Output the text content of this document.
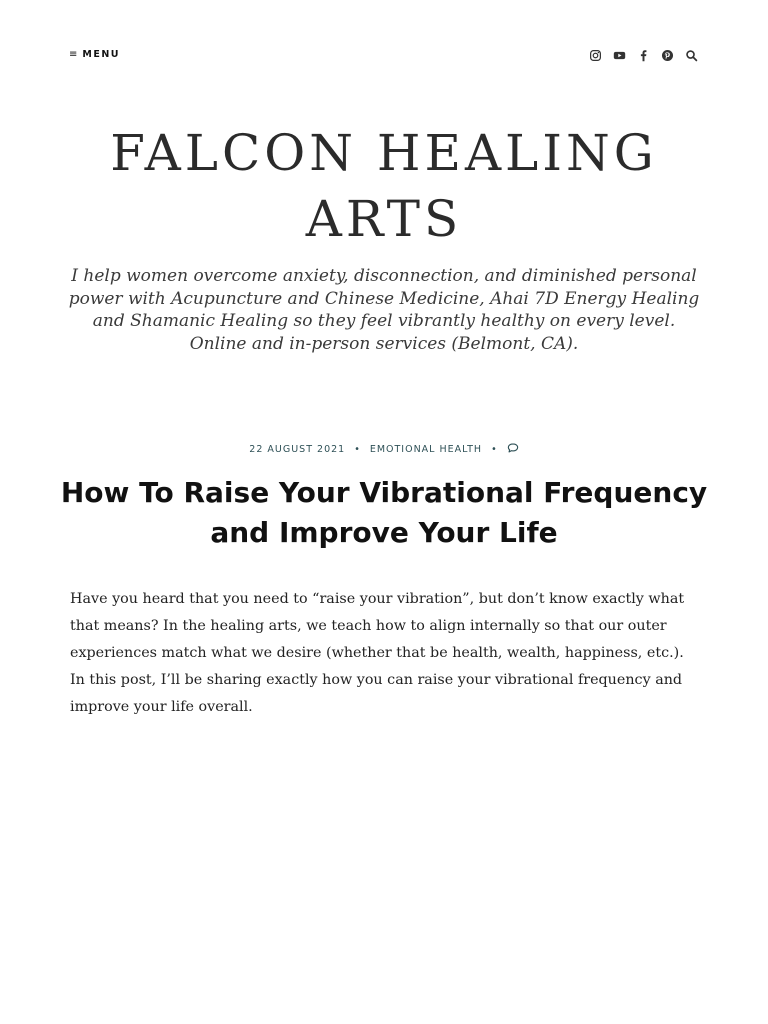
≡ MENU
FALCON HEALING ARTS

I help women overcome anxiety, disconnection, and diminished personal power with Acupuncture and Chinese Medicine, Ahai 7D Energy Healing and Shamanic Healing so they feel vibrantly healthy on every level. Online and in-person services (Belmont, CA).

22 AUGUST 2021 • EMOTIONAL HEALTH •
How To Raise Your Vibrational Frequency and Improve Your Life

Have you heard that you need to “raise your vibration”, but don’t know exactly what that means? In the healing arts, we teach how to align internally so that our outer experiences match what we desire (whether that be health, wealth, happiness, etc.). In this post, I’ll be sharing exactly how you can raise your vibrational frequency and improve your life overall.
